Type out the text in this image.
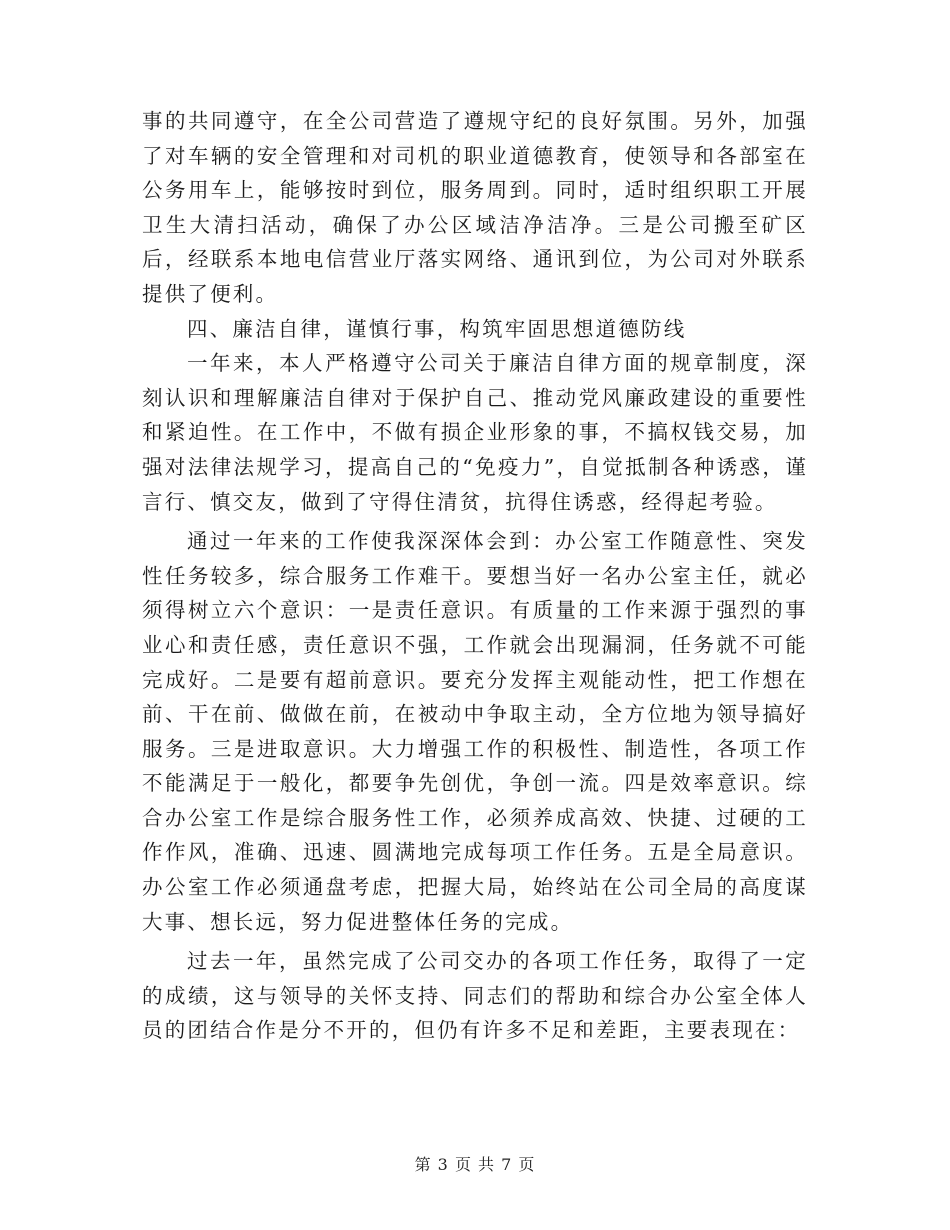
事的共同遵守，在全公司营造了遵规守纪的良好氛围。另外，加强了对车辆的安全管理和对司机的职业道德教育，使领导和各部室在公务用车上，能够按时到位，服务周到。同时，适时组织职工开展卫生大清扫活动，确保了办公区域洁净洁净。三是公司搬至矿区后，经联系本地电信营业厅落实网络、通讯到位，为公司对外联系提供了便利。

四、廉洁自律，谨慎行事，构筑牢固思想道德防线

一年来，本人严格遵守公司关于廉洁自律方面的规章制度，深刻认识和理解廉洁自律对于保护自己、推动党风廉政建设的重要性和紧迫性。在工作中，不做有损企业形象的事，不搞权钱交易，加强对法律法规学习，提高自己的“免疫力”，自觉抵制各种诱惑，谨言行、慎交友，做到了守得住清贫，抗得住诱惑，经得起考验。

通过一年来的工作使我深深体会到：办公室工作随意性、突发性任务较多，综合服务工作难干。要想当好一名办公室主任，就必须得树立六个意识：一是责任意识。有质量的工作来源于强烈的事业心和责任感，责任意识不强，工作就会出现漏洞，任务就不可能完成好。二是要有超前意识。要充分发挥主观能动性，把工作想在前、干在前、做做在前，在被动中争取主动，全方位地为领导搞好服务。三是进取意识。大力增强工作的积极性、制造性，各项工作不能满足于一般化，都要争先创优，争创一流。四是效率意识。综合办公室工作是综合服务性工作，必须养成高效、快捷、过硬的工作作风，准确、迅速、圆满地完成每项工作任务。五是全局意识。办公室工作必须通盘考虑，把握大局，始终站在公司全局的高度谋大事、想长远，努力促进整体任务的完成。

过去一年，虽然完成了公司交办的各项工作任务，取得了一定的成绩，这与领导的关怀支持、同志们的帮助和综合办公室全体人员的团结合作是分不开的，但仍有许多不足和差距，主要表现在：

第 3 页 共 7 页
